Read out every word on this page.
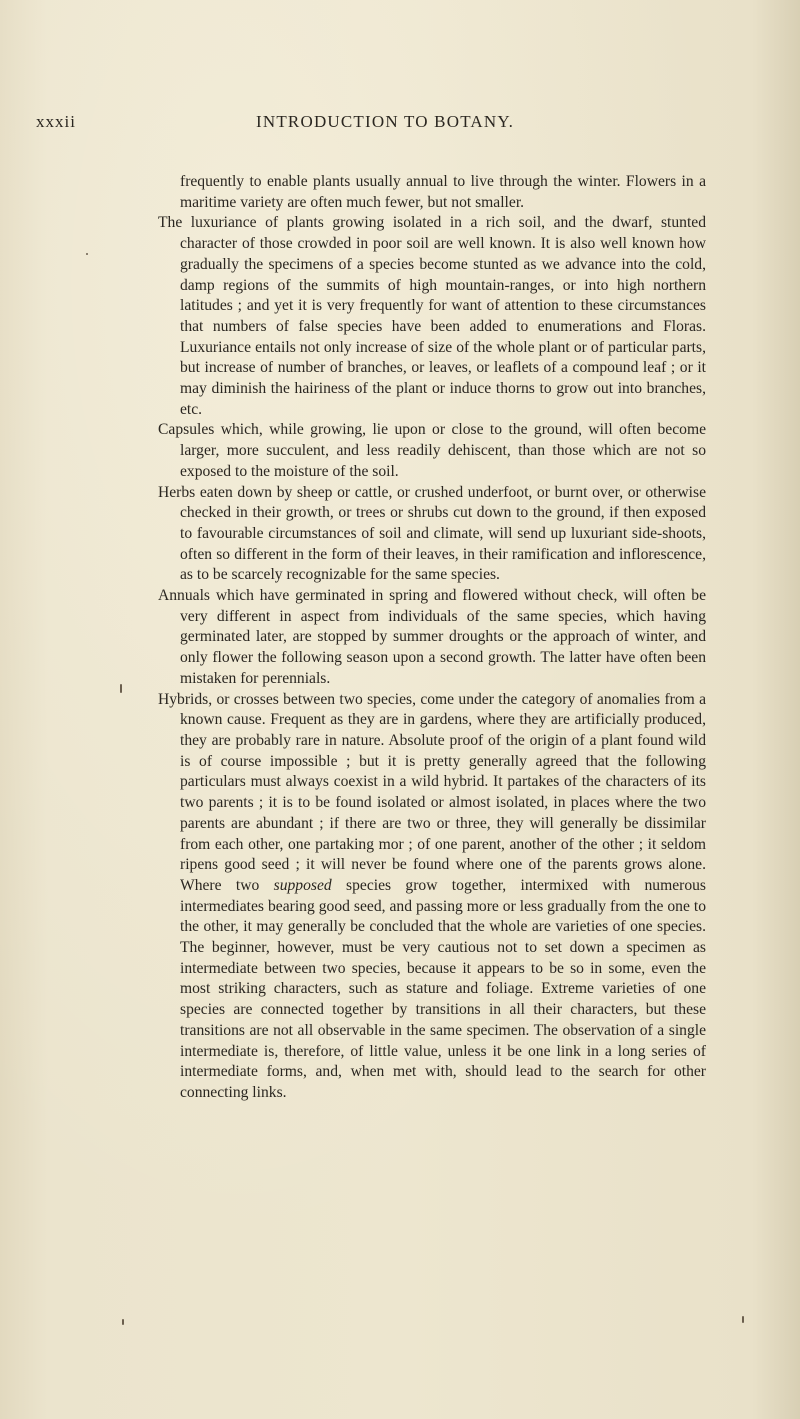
xxxii	INTRODUCTION TO BOTANY.

frequently to enable plants usually annual to live through the winter. Flowers in a maritime variety are often much fewer, but not smaller.

The luxuriance of plants growing isolated in a rich soil, and the dwarf, stunted character of those crowded in poor soil are well known. It is also well known how gradually the specimens of a species become stunted as we advance into the cold, damp regions of the summits of high mountain-ranges, or into high northern latitudes ; and yet it is very frequently for want of attention to these circumstances that numbers of false species have been added to enumerations and Floras. Luxuriance entails not only increase of size of the whole plant or of particular parts, but increase of number of branches, or leaves, or leaflets of a compound leaf ; or it may diminish the hairiness of the plant or induce thorns to grow out into branches, etc.

Capsules which, while growing, lie upon or close to the ground, will often become larger, more succulent, and less readily dehiscent, than those which are not so exposed to the moisture of the soil.

Herbs eaten down by sheep or cattle, or crushed underfoot, or burnt over, or otherwise checked in their growth, or trees or shrubs cut down to the ground, if then exposed to favourable circumstances of soil and climate, will send up luxuriant side-shoots, often so different in the form of their leaves, in their ramification and inflorescence, as to be scarcely recognizable for the same species.

Annuals which have germinated in spring and flowered without check, will often be very different in aspect from individuals of the same species, which having germinated later, are stopped by summer droughts or the approach of winter, and only flower the following season upon a second growth. The latter have often been mistaken for perennials.

Hybrids, or crosses between two species, come under the category of anomalies from a known cause. Frequent as they are in gardens, where they are artificially produced, they are probably rare in nature. Absolute proof of the origin of a plant found wild is of course impossible ; but it is pretty generally agreed that the following particulars must always coexist in a wild hybrid. It partakes of the characters of its two parents ; it is to be found isolated or almost isolated, in places where the two parents are abundant ; if there are two or three, they will generally be dissimilar from each other, one partaking mor ; of one parent, another of the other ; it seldom ripens good seed ; it will never be found where one of the parents grows alone. Where two supposed species grow together, intermixed with numerous intermediates bearing good seed, and passing more or less gradually from the one to the other, it may generally be concluded that the whole are varieties of one species. The beginner, however, must be very cautious not to set down a specimen as intermediate between two species, because it appears to be so in some, even the most striking characters, such as stature and foliage. Extreme varieties of one species are connected together by transitions in all their characters, but these transitions are not all observable in the same specimen. The observation of a single intermediate is, therefore, of little value, unless it be one link in a long series of intermediate forms, and, when met with, should lead to the search for other connecting links.
